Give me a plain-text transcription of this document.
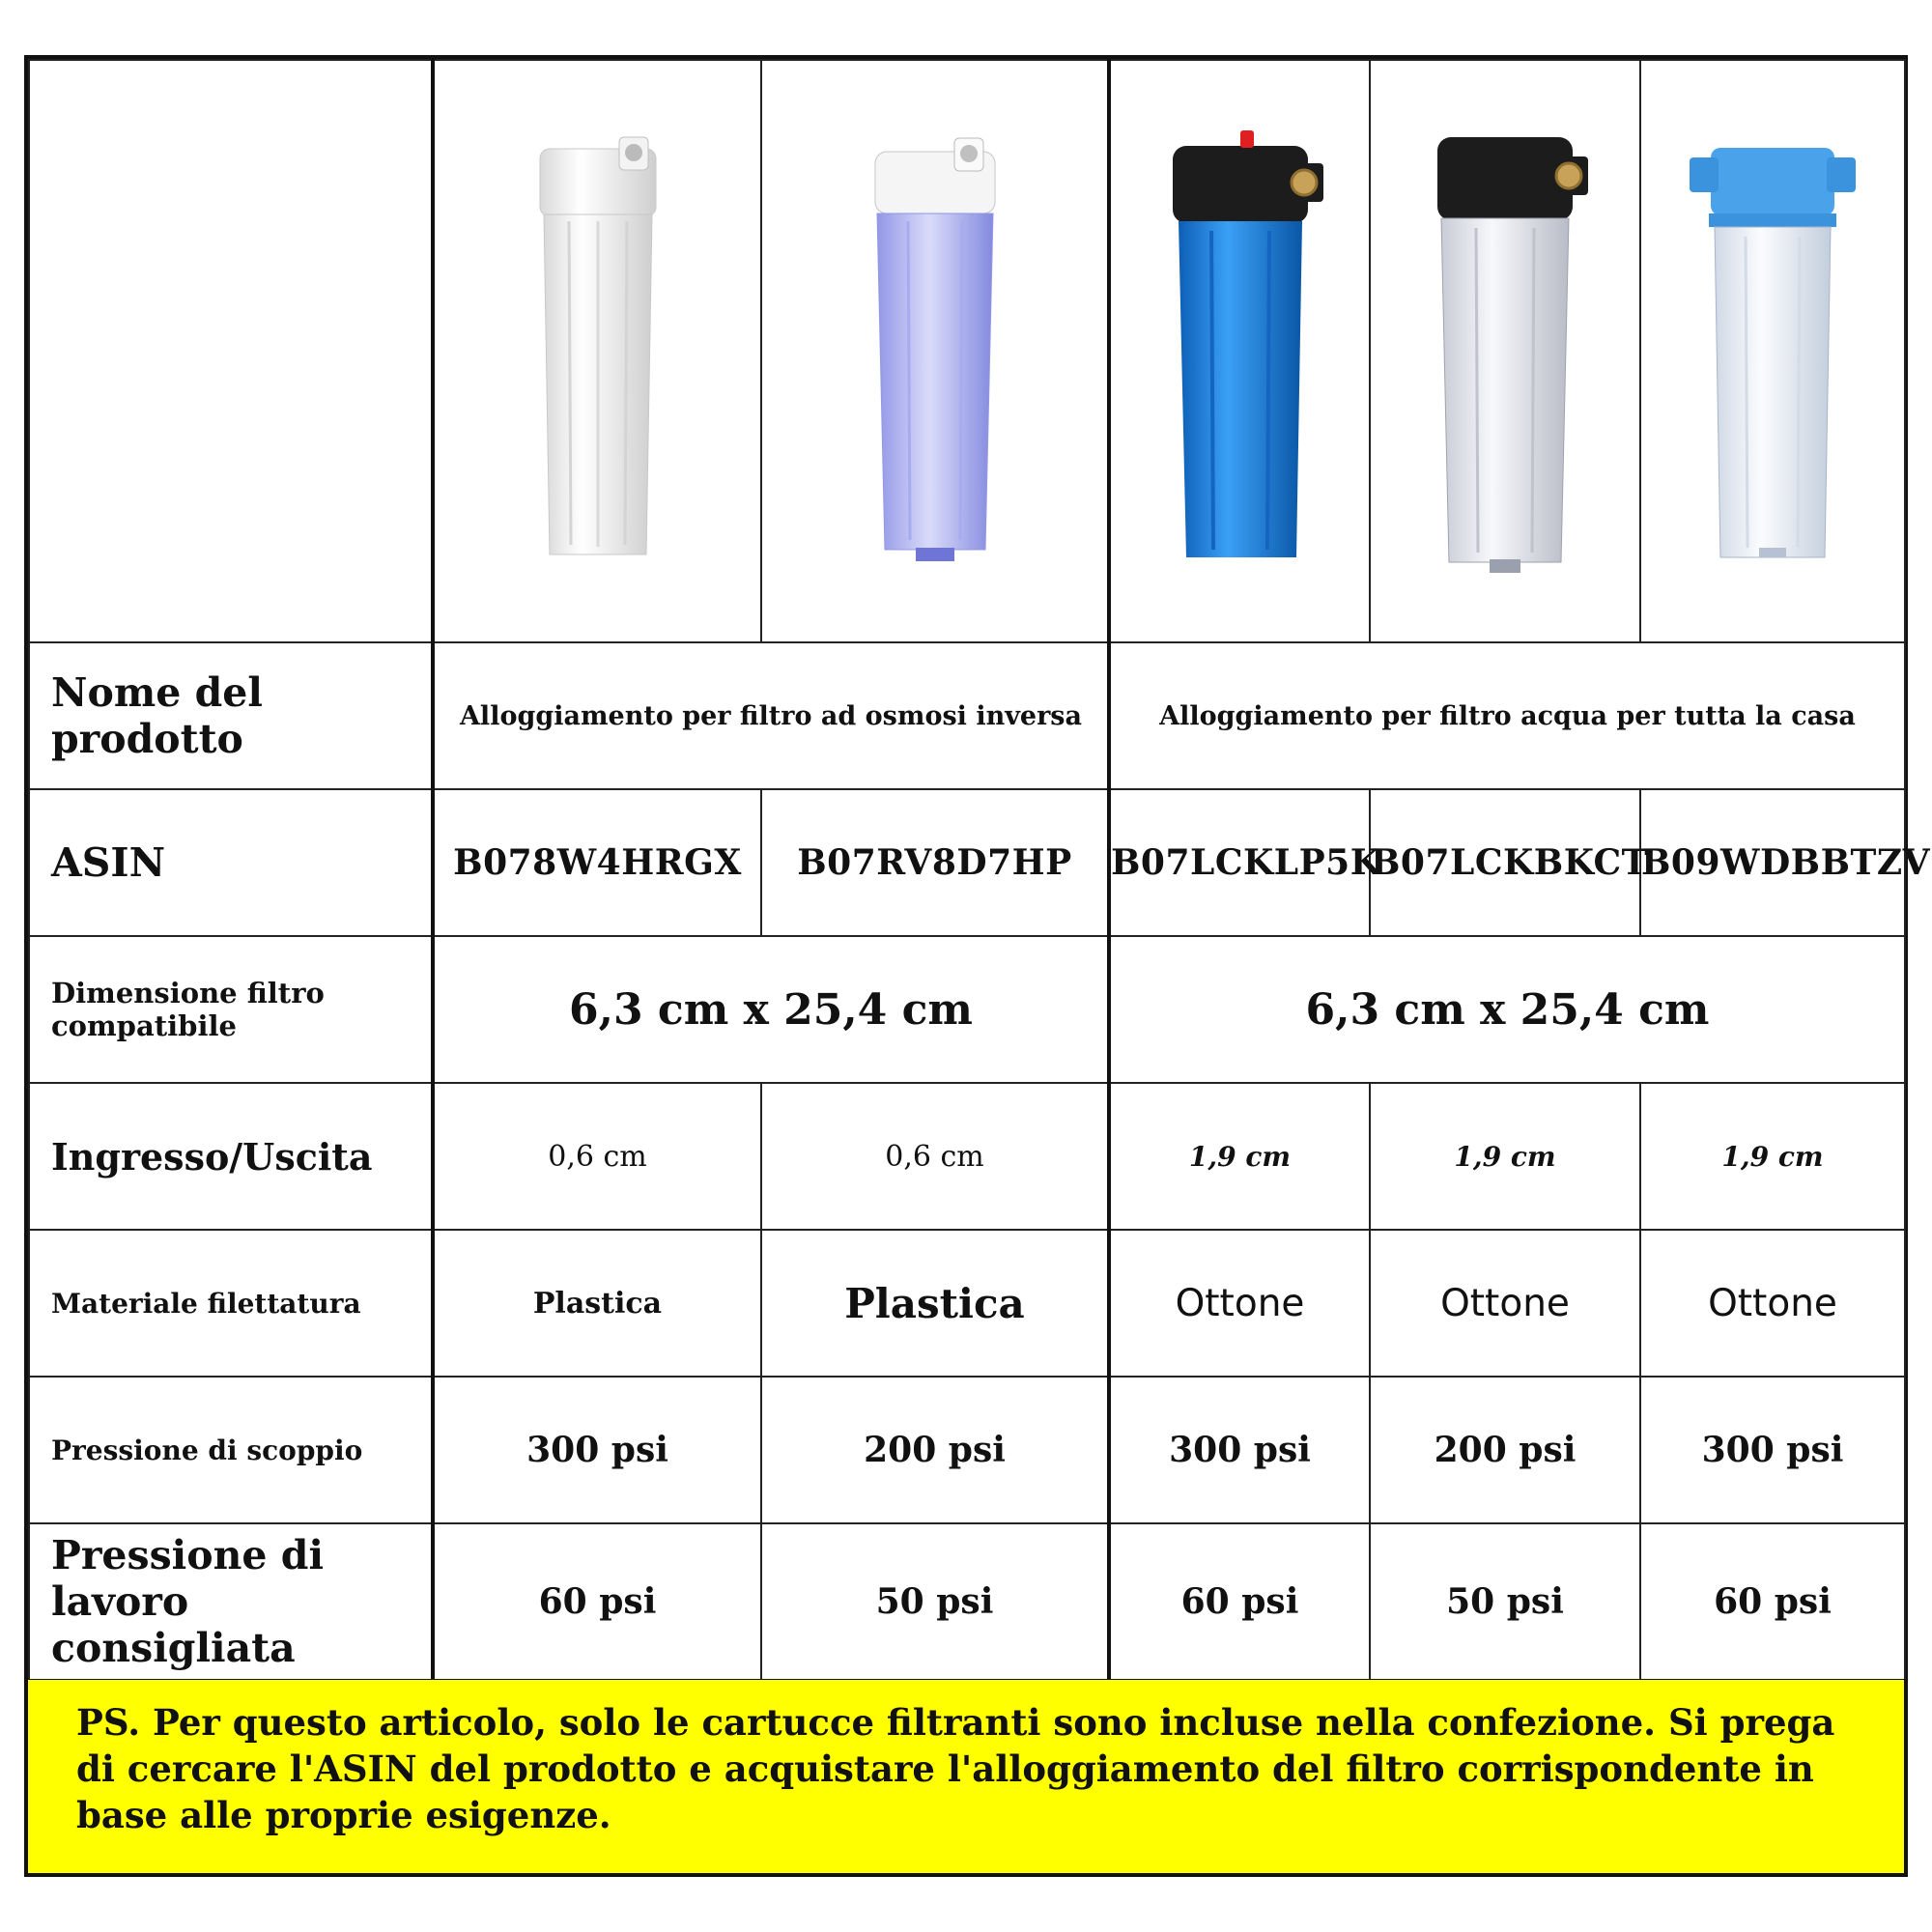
Nome del prodotto	Alloggiamento per filtro ad osmosi inversa		Alloggiamento per filtro acqua per tutta la casa		
ASIN	B078W4HRGX	B07RV8D7HP	B07LCKLP5K	B07LCKBKCT	B09WDBBTZV
Dimensione filtro compatibile	6,3 cm x 25,4 cm		6,3 cm x 25,4 cm		
Ingresso/Uscita	0,6 cm	0,6 cm	1,9 cm	1,9 cm	1,9 cm
Materiale filettatura	Plastica	Plastica	Ottone	Ottone	Ottone
Pressione di scoppio	300 psi	200 psi	300 psi	200 psi	300 psi
Pressione di lavoro consigliata	60 psi	50 psi	60 psi	50 psi	60 psi
PS. Per questo articolo, solo le cartucce filtranti sono incluse nella confezione. Si prega di cercare l'ASIN del prodotto e acquistare l'alloggiamento del filtro corrispondente in base alle proprie esigenze.
